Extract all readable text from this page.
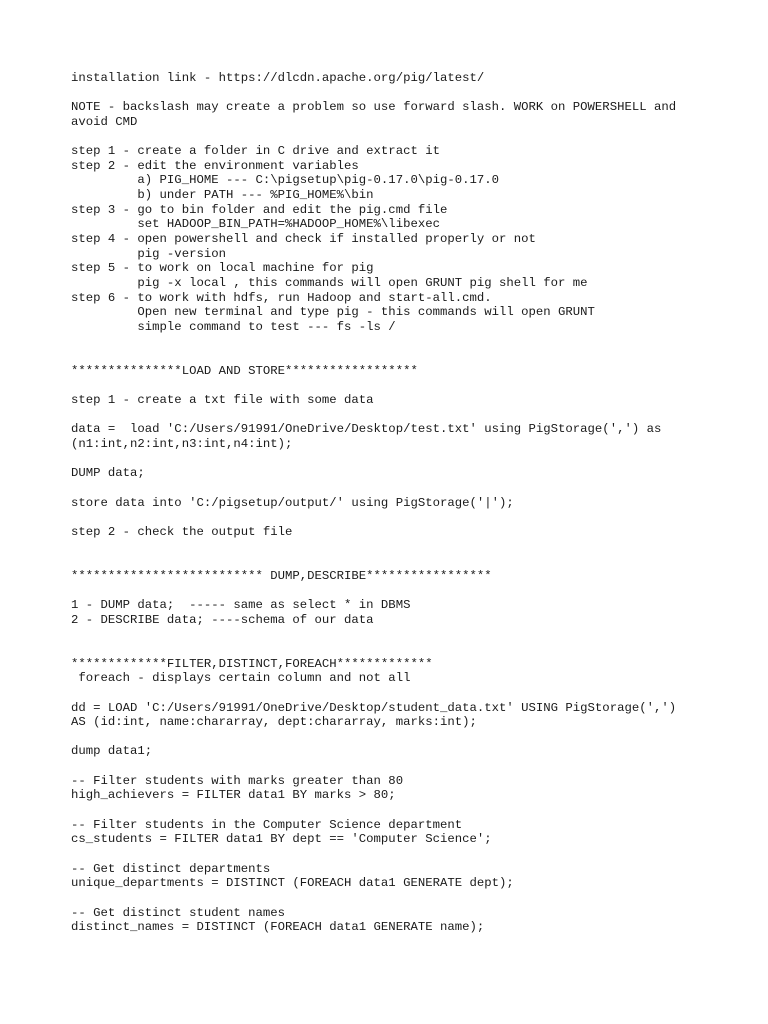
installation link - https://dlcdn.apache.org/pig/latest/
NOTE - backslash may create a problem so use forward slash. WORK on POWERSHELL and
avoid CMD
step 1 - create a folder in C drive and extract it
step 2 - edit the environment variables
a) PIG_HOME --- C:\pigsetup\pig-0.17.0\pig-0.17.0
b) under PATH --- %PIG_HOME%\bin
step 3 - go to bin folder and edit the pig.cmd file
set HADOOP_BIN_PATH=%HADOOP_HOME%\libexec
step 4 - open powershell and check if installed properly or not
pig -version
step 5 - to work on local machine for pig
pig -x local , this commands will open GRUNT pig shell for me
step 6 - to work with hdfs, run Hadoop and start-all.cmd.
Open new terminal and type pig - this commands will open GRUNT
simple command to test --- fs -ls /
***************LOAD AND STORE******************
step 1 - create a txt file with some data
data =  load 'C:/Users/91991/OneDrive/Desktop/test.txt' using PigStorage(',') as
(n1:int,n2:int,n3:int,n4:int);
DUMP data;
store data into 'C:/pigsetup/output/' using PigStorage('|');
step 2 - check the output file
************************** DUMP,DESCRIBE*****************
1 - DUMP data;  ----- same as select * in DBMS
2 - DESCRIBE data; ----schema of our data
*************FILTER,DISTINCT,FOREACH*************
foreach - displays certain column and not all
dd = LOAD 'C:/Users/91991/OneDrive/Desktop/student_data.txt' USING PigStorage(',')
AS (id:int, name:chararray, dept:chararray, marks:int);
dump data1;
-- Filter students with marks greater than 80
high_achievers = FILTER data1 BY marks > 80;
-- Filter students in the Computer Science department
cs_students = FILTER data1 BY dept == 'Computer Science';
-- Get distinct departments
unique_departments = DISTINCT (FOREACH data1 GENERATE dept);
-- Get distinct student names
distinct_names = DISTINCT (FOREACH data1 GENERATE name);
